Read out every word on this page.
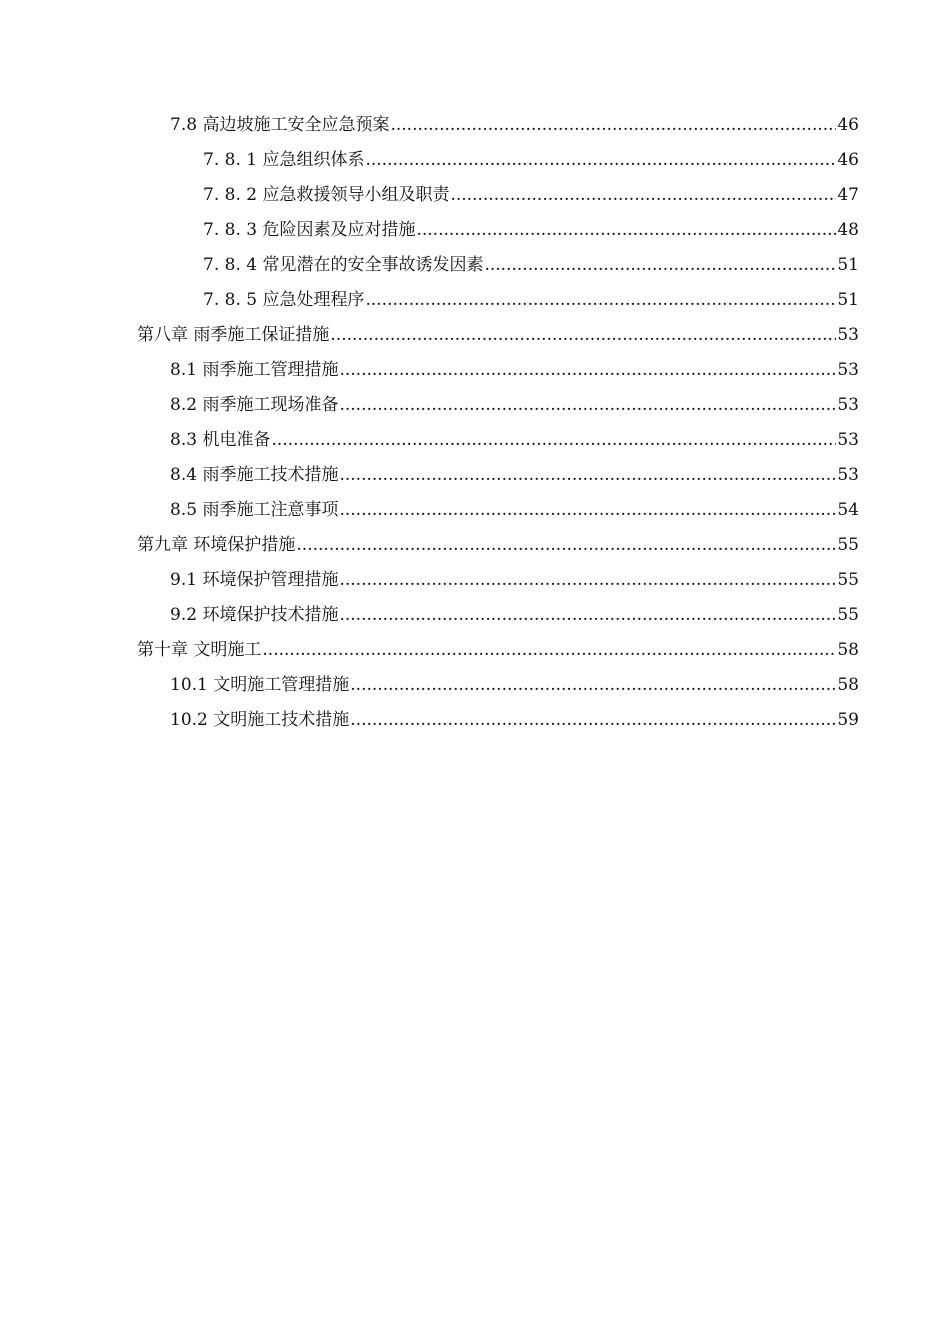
7.8 高边坡施工安全应急预案 .....	46
7. 8. 1 应急组织体系 .....	46
7. 8. 2 应急救援领导小组及职责 .....	47
7. 8. 3 危险因素及应对措施 .....	48
7. 8. 4 常见潜在的安全事故诱发因素 .....	51
7. 8. 5 应急处理程序 .....	51
第八章 雨季施工保证措施 .....	53
8.1 雨季施工管理措施 .....	53
8.2 雨季施工现场准备 .....	53
8.3 机电准备 .....	53
8.4 雨季施工技术措施 .....	53
8.5 雨季施工注意事项 .....	54
第九章 环境保护措施 .....	55
9.1 环境保护管理措施 .....	55
9.2 环境保护技术措施 .....	55
第十章 文明施工 .....	58
10.1 文明施工管理措施 .....	58
10.2 文明施工技术措施 .....	59
